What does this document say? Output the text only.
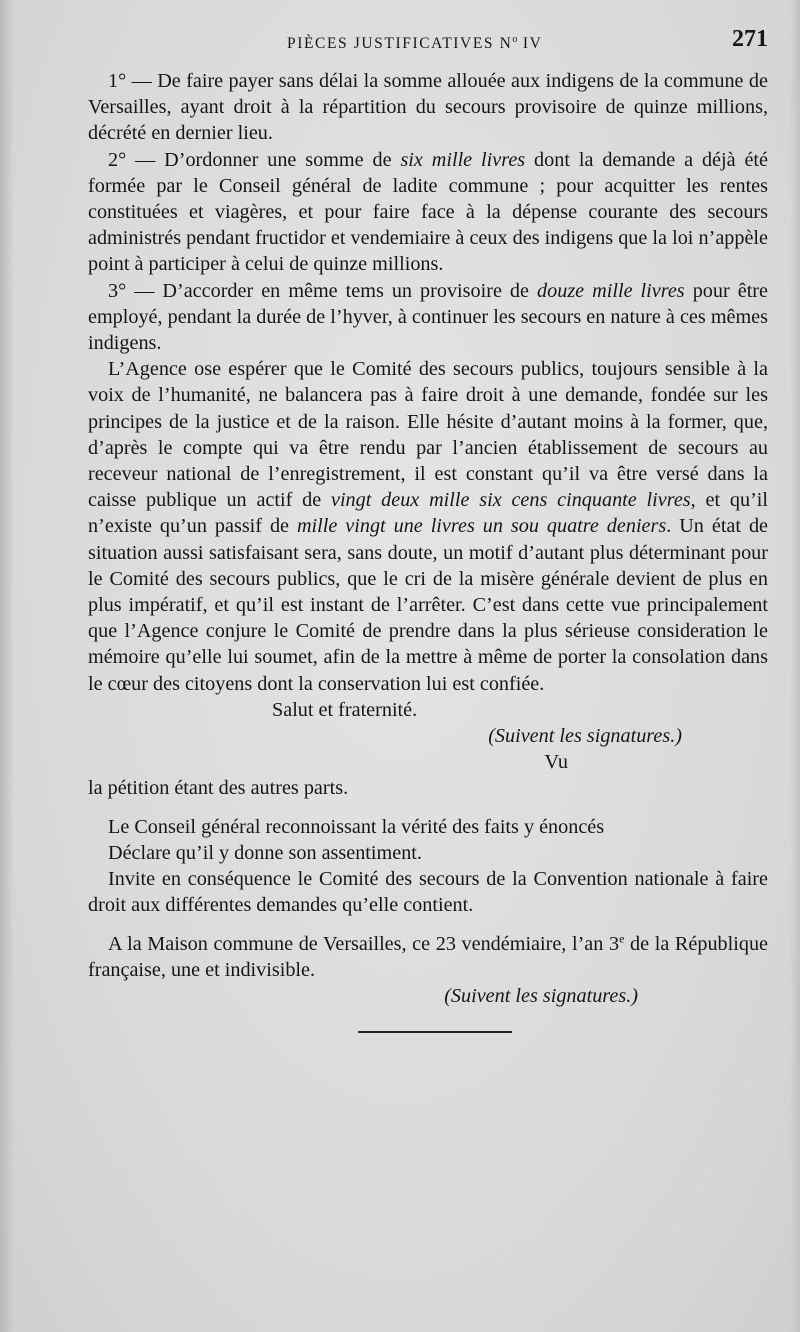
PIÈCES JUSTIFICATIVES $N^o$ IV	271

1° — De faire payer sans délai la somme allouée aux indigens de la commune de Versailles, ayant droit à la répartition du secours provisoire de quinze millions, décrété en dernier lieu.

2° — D’ordonner une somme de six mille livres dont la demande a déjà été formée par le Conseil général de ladite commune ; pour acquitter les rentes constituées et viagères, et pour faire face à la dépense courante des secours administrés pendant fructidor et vendemiaire à ceux des indigens que la loi n’appèle point à participer à celui de quinze millions.

3° — D’accorder en même tems un provisoire de douze mille livres pour être employé, pendant la durée de l’hyver, à continuer les secours en nature à ces mêmes indigens.

L’Agence ose espérer que le Comité des secours publics, toujours sensible à la voix de l’humanité, ne balancera pas à faire droit à une demande, fondée sur les principes de la justice et de la raison. Elle hésite d’autant moins à la former, que, d’après le compte qui va être rendu par l’ancien établissement de secours au receveur national de l’enregistrement, il est constant qu’il va être versé dans la caisse publique un actif de vingt deux mille six cens cinquante livres, et qu’il n’existe qu’un passif de mille vingt une livres un sou quatre deniers. Un état de situation aussi satisfaisant sera, sans doute, un motif d’autant plus déterminant pour le Comité des secours publics, que le cri de la misère générale devient de plus en plus impératif, et qu’il est instant de l’arrêter. C’est dans cette vue principalement que l’Agence conjure le Comité de prendre dans la plus sérieuse consideration le mémoire qu’elle lui soumet, afin de la mettre à même de porter la consolation dans le cœur des citoyens dont la conservation lui est confiée.

Salut et fraternité.

(Suivent les signatures.)

Vu

la pétition étant des autres parts.

Le Conseil général reconnoissant la vérité des faits y énoncés

Déclare qu’il y donne son assentiment.

Invite en conséquence le Comité des secours de la Convention nationale à faire droit aux différentes demandes qu’elle contient.

A la Maison commune de Versailles, ce 23 vendémiaire, l’an 3e de la République française, une et indivisible.

(Suivent les signatures.)
